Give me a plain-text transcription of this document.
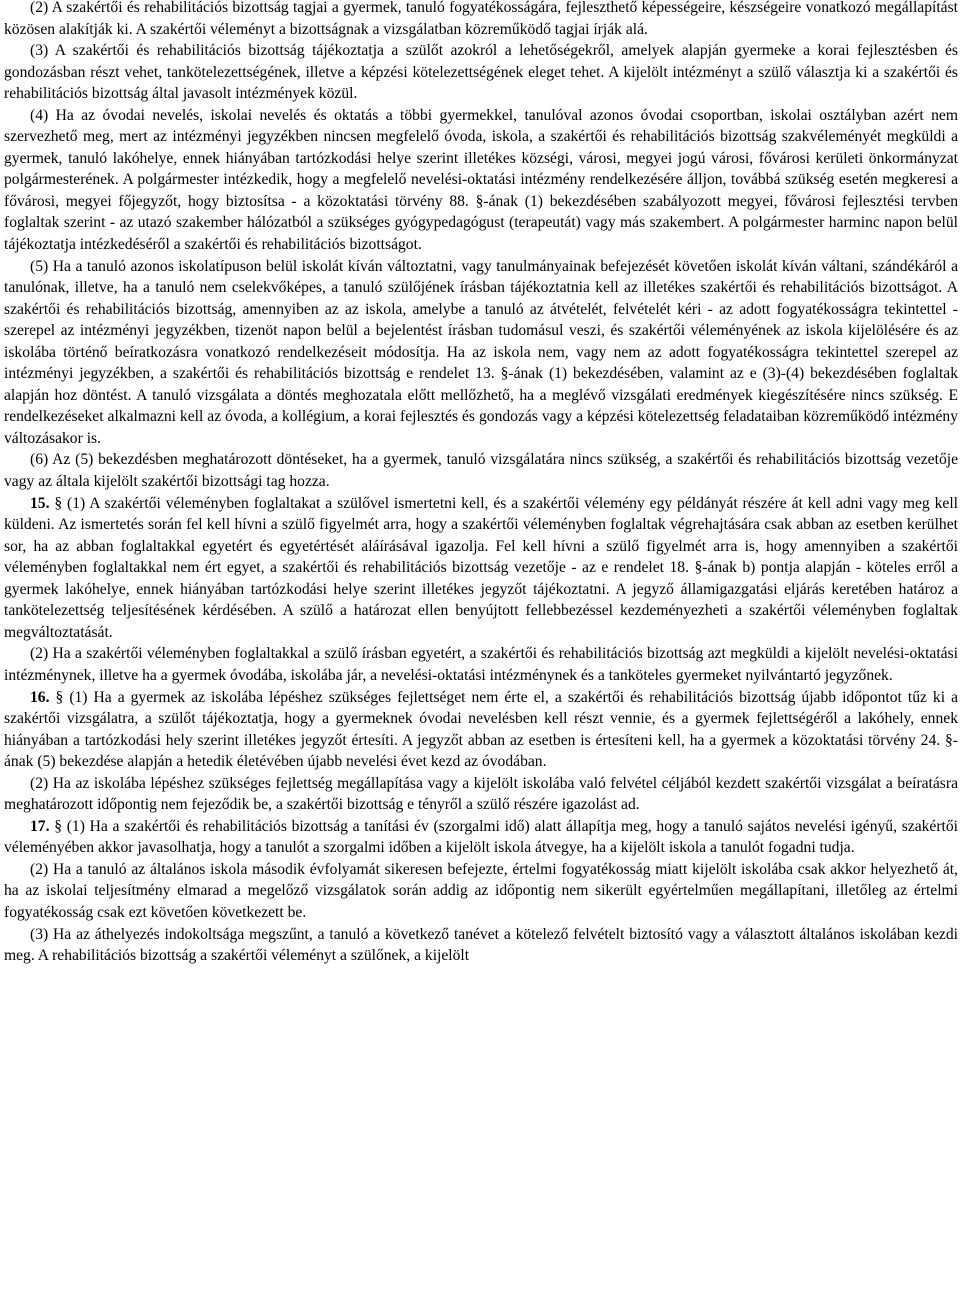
(2) A szakértői és rehabilitációs bizottság tagjai a gyermek, tanuló fogyatékosságára, fejleszthető képességeire, készségeire vonatkozó megállapítást közösen alakítják ki. A szakértői véleményt a bizottságnak a vizsgálatban közreműködő tagjai írják alá.

(3) A szakértői és rehabilitációs bizottság tájékoztatja a szülőt azokról a lehetőségekről, amelyek alapján gyermeke a korai fejlesztésben és gondozásban részt vehet, tankötelezettségének, illetve a képzési kötelezettségének eleget tehet. A kijelölt intézményt a szülő választja ki a szakértői és rehabilitációs bizottság által javasolt intézmények közül.

(4) Ha az óvodai nevelés, iskolai nevelés és oktatás a többi gyermekkel, tanulóval azonos óvodai csoportban, iskolai osztályban azért nem szervezhető meg, mert az intézményi jegyzékben nincsen megfelelő óvoda, iskola, a szakértői és rehabilitációs bizottság szakvéleményét megküldi a gyermek, tanuló lakóhelye, ennek hiányában tartózkodási helye szerint illetékes községi, városi, megyei jogú városi, fővárosi kerületi önkormányzat polgármesterének. A polgármester intézkedik, hogy a megfelelő nevelési-oktatási intézmény rendelkezésére álljon, továbbá szükség esetén megkeresi a fővárosi, megyei főjegyzőt, hogy biztosítsa - a közoktatási törvény 88. §-ának (1) bekezdésében szabályozott megyei, fővárosi fejlesztési tervben foglaltak szerint - az utazó szakember hálózatból a szükséges gyógypedagógust (terapeutát) vagy más szakembert. A polgármester harminc napon belül tájékoztatja intézkedéséről a szakértői és rehabilitációs bizottságot.

(5) Ha a tanuló azonos iskolatípuson belül iskolát kíván változtatni, vagy tanulmányainak befejezését követően iskolát kíván váltani, szándékáról a tanulónak, illetve, ha a tanuló nem cselekvőképes, a tanuló szülőjének írásban tájékoztatnia kell az illetékes szakértői és rehabilitációs bizottságot. A szakértői és rehabilitációs bizottság, amennyiben az az iskola, amelybe a tanuló az átvételét, felvételét kéri - az adott fogyatékosságra tekintettel - szerepel az intézményi jegyzékben, tizenöt napon belül a bejelentést írásban tudomásul veszi, és szakértői véleményének az iskola kijelölésére és az iskolába történő beíratkozásra vonatkozó rendelkezéseit módosítja. Ha az iskola nem, vagy nem az adott fogyatékosságra tekintettel szerepel az intézményi jegyzékben, a szakértői és rehabilitációs bizottság e rendelet 13. §-ának (1) bekezdésében, valamint az e (3)-(4) bekezdésében foglaltak alapján hoz döntést. A tanuló vizsgálata a döntés meghozatala előtt mellőzhető, ha a meglévő vizsgálati eredmények kiegészítésére nincs szükség. E rendelkezéseket alkalmazni kell az óvoda, a kollégium, a korai fejlesztés és gondozás vagy a képzési kötelezettség feladataiban közreműködő intézmény változásakor is.

(6) Az (5) bekezdésben meghatározott döntéseket, ha a gyermek, tanuló vizsgálatára nincs szükség, a szakértői és rehabilitációs bizottság vezetője vagy az általa kijelölt szakértői bizottsági tag hozza.

15. § (1) A szakértői véleményben foglaltakat a szülővel ismertetni kell, és a szakértői vélemény egy példányát részére át kell adni vagy meg kell küldeni. Az ismertetés során fel kell hívni a szülő figyelmét arra, hogy a szakértői véleményben foglaltak végrehajtására csak abban az esetben kerülhet sor, ha az abban foglaltakkal egyetért és egyetértését aláírásával igazolja. Fel kell hívni a szülő figyelmét arra is, hogy amennyiben a szakértői véleményben foglaltakkal nem ért egyet, a szakértői és rehabilitációs bizottság vezetője - az e rendelet 18. §-ának b) pontja alapján - köteles erről a gyermek lakóhelye, ennek hiányában tartózkodási helye szerint illetékes jegyzőt tájékoztatni. A jegyző államigazgatási eljárás keretében határoz a tankötelezettség teljesítésének kérdésében. A szülő a határozat ellen benyújtott fellebbezéssel kezdeményezheti a szakértői véleményben foglaltak megváltoztatását.

(2) Ha a szakértői véleményben foglaltakkal a szülő írásban egyetért, a szakértői és rehabilitációs bizottság azt megküldi a kijelölt nevelési-oktatási intézménynek, illetve ha a gyermek óvodába, iskolába jár, a nevelési-oktatási intézménynek és a tanköteles gyermeket nyilvántartó jegyzőnek.

16. § (1) Ha a gyermek az iskolába lépéshez szükséges fejlettséget nem érte el, a szakértői és rehabilitációs bizottság újabb időpontot tűz ki a szakértői vizsgálatra, a szülőt tájékoztatja, hogy a gyermeknek óvodai nevelésben kell részt vennie, és a gyermek fejlettségéről a lakóhely, ennek hiányában a tartózkodási hely szerint illetékes jegyzőt értesíti. A jegyzőt abban az esetben is értesíteni kell, ha a gyermek a közoktatási törvény 24. §-ának (5) bekezdése alapján a hetedik életévében újabb nevelési évet kezd az óvodában.

(2) Ha az iskolába lépéshez szükséges fejlettség megállapítása vagy a kijelölt iskolába való felvétel céljából kezdett szakértői vizsgálat a beíratásra meghatározott időpontig nem fejeződik be, a szakértői bizottság e tényről a szülő részére igazolást ad.

17. § (1) Ha a szakértői és rehabilitációs bizottság a tanítási év (szorgalmi idő) alatt állapítja meg, hogy a tanuló sajátos nevelési igényű, szakértői véleményében akkor javasolhatja, hogy a tanulót a szorgalmi időben a kijelölt iskola átvegye, ha a kijelölt iskola a tanulót fogadni tudja.

(2) Ha a tanuló az általános iskola második évfolyamát sikeresen befejezte, értelmi fogyatékosság miatt kijelölt iskolába csak akkor helyezhető át, ha az iskolai teljesítmény elmarad a megelőző vizsgálatok során addig az időpontig nem sikerült egyértelműen megállapítani, illetőleg az értelmi fogyatékosság csak ezt követően következett be.

(3) Ha az áthelyezés indokoltsága megszűnt, a tanuló a következő tanévet a kötelező felvételt biztosító vagy a választott általános iskolában kezdi meg. A rehabilitációs bizottság a szakértői véleményt a szülőnek, a kijelölt
